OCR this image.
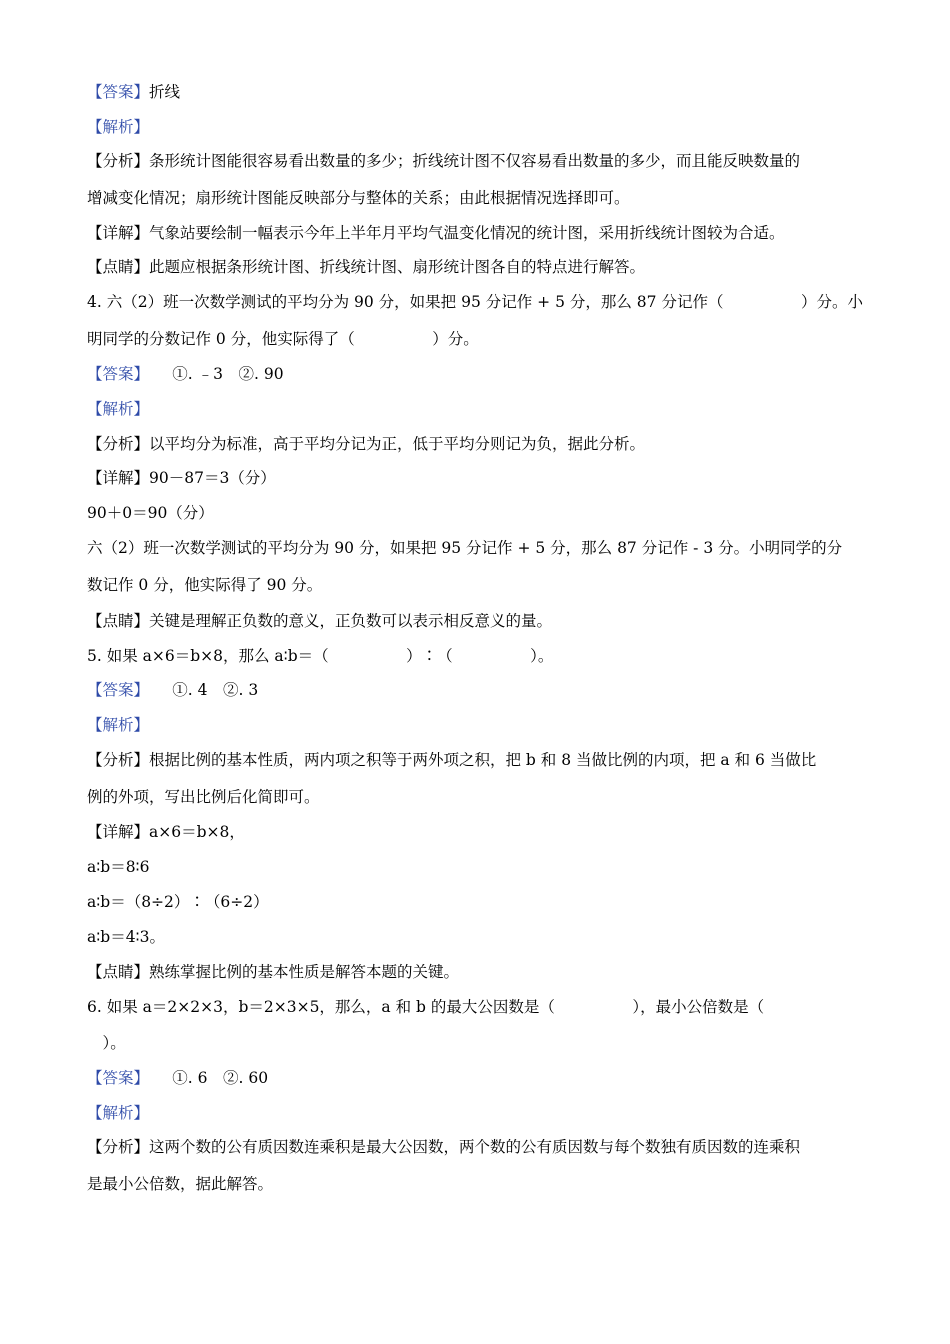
【答案】折线
【解析】
【分析】条形统计图能很容易看出数量的多少；折线统计图不仅容易看出数量的多少，而且能反映数量的
增减变化情况；扇形统计图能反映部分与整体的关系；由此根据情况选择即可。
【详解】气象站要绘制一幅表示今年上半年月平均气温变化情况的统计图，采用折线统计图较为合适。
【点睛】此题应根据条形统计图、折线统计图、扇形统计图各自的特点进行解答。
4. 六（2）班一次数学测试的平均分为 90 分，如果把 95 分记作 + 5 分，那么 87 分记作（　　　　　）分。小
明同学的分数记作 0 分，他实际得了（　　　　　）分。
【答案】　　①. ﹣3　②. 90
【解析】
【分析】以平均分为标准，高于平均分记为正，低于平均分则记为负，据此分析。
【详解】90－87＝3（分）
90＋0＝90（分）
六（2）班一次数学测试的平均分为 90 分，如果把 95 分记作 + 5 分，那么 87 分记作 - 3 分。小明同学的分
数记作 0 分，他实际得了 90 分。
【点睛】关键是理解正负数的意义，正负数可以表示相反意义的量。
5. 如果 a×6＝b×8，那么 a∶b＝（　　　　　）∶（　　　　　）。
【答案】　　①. 4　②. 3
【解析】
【分析】根据比例的基本性质，两内项之积等于两外项之积，把 b 和 8 当做比例的内项，把 a 和 6 当做比
例的外项，写出比例后化简即可。
【详解】a×6＝b×8，
a∶b＝8∶6
a∶b＝（8÷2）∶（6÷2）
a∶b＝4∶3。
【点睛】熟练掌握比例的基本性质是解答本题的关键。
6. 如果 a＝2×2×3，b＝2×3×5，那么，a 和 b 的最大公因数是（　　　　　），最小公倍数是（
　）。
【答案】　　①. 6　②. 60
【解析】
【分析】这两个数的公有质因数连乘积是最大公因数，两个数的公有质因数与每个数独有质因数的连乘积
是最小公倍数，据此解答。
